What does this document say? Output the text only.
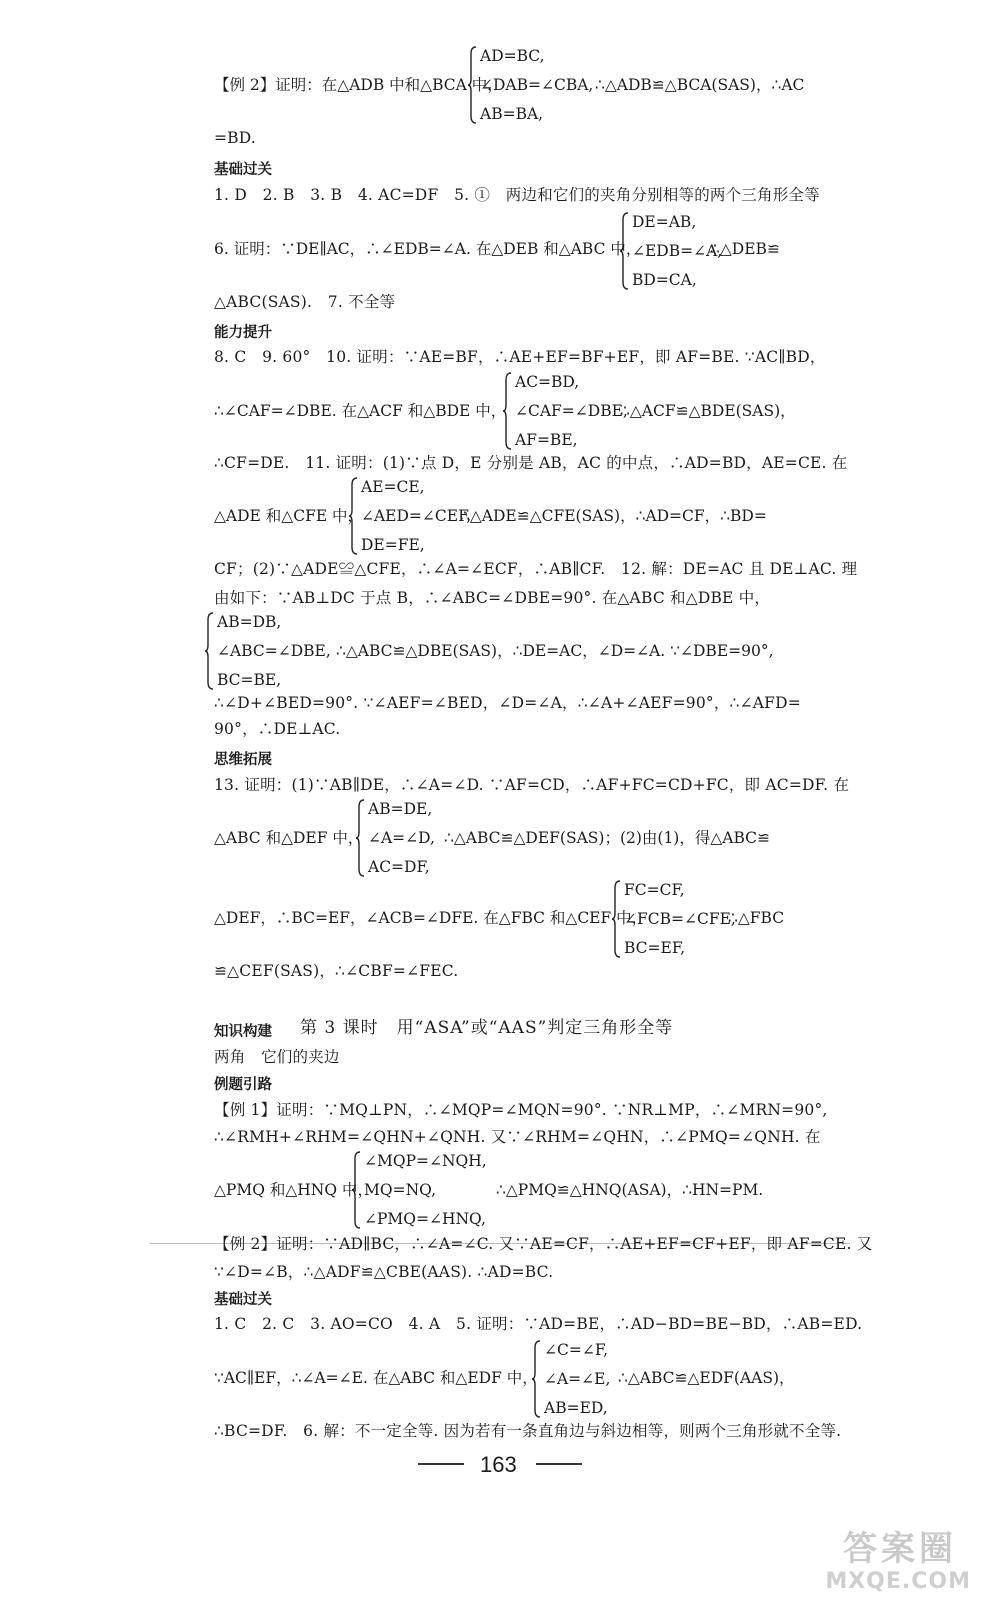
【例 2】证明：在△ADB 中和△BCA 中，
AD=BC,
∠DAB=∠CBA,
AB=BA,
∴△ADB≌△BCA(SAS)，∴AC
=BD.
基础过关
1. D　2. B　3. B　4. AC=DF　5. ①　两边和它们的夹角分别相等的两个三角形全等
6. 证明：∵DE∥AC，∴∠EDB=∠A. 在△DEB 和△ABC 中，
DE=AB,
∠EDB=∠A,
BD=CA,
∴△DEB≌
△ABC(SAS).　7. 不全等
能力提升
8. C　9. 60°　10. 证明：∵AE=BF，∴AE+EF=BF+EF，即 AF=BE. ∵AC∥BD，
∴∠CAF=∠DBE. 在△ACF 和△BDE 中，
AC=BD,
∠CAF=∠DBE,
AF=BE,
∴△ACF≌△BDE(SAS)，
∴CF=DE.　11. 证明：(1)∵点 D，E 分别是 AB，AC 的中点，∴AD=BD，AE=CE. 在
△ADE 和△CFE 中，
AE=CE,
∠AED=∠CEF,
DE=FE,
∴△ADE≌△CFE(SAS)，∴AD=CF，∴BD=
CF；(2)∵△ADE≌△CFE，∴∠A=∠ECF，∴AB∥CF.　12. 解：DE=AC 且 DE⊥AC. 理
由如下：∵AB⊥DC 于点 B，∴∠ABC=∠DBE=90°. 在△ABC 和△DBE 中，
AB=DB,
∠ABC=∠DBE,
BC=BE,
∴△ABC≌△DBE(SAS)，∴DE=AC，∠D=∠A. ∵∠DBE=90°,
∴∠D+∠BED=90°. ∵∠AEF=∠BED，∠D=∠A，∴∠A+∠AEF=90°，∴∠AFD=
90°，∴DE⊥AC.
思维拓展
13. 证明：(1)∵AB∥DE，∴∠A=∠D. ∵AF=CD，∴AF+FC=CD+FC，即 AC=DF. 在
△ABC 和△DEF 中，
AB=DE,
∠A=∠D,
AC=DF,
∴△ABC≌△DEF(SAS)；(2)由(1)，得△ABC≌
△DEF，∴BC=EF，∠ACB=∠DFE. 在△FBC 和△CEF 中，
FC=CF,
∠FCB=∠CFE,
BC=EF,
∴△FBC
≌△CEF(SAS)，∴∠CBF=∠FEC.
第 3 课时　用“ASA”或“AAS”判定三角形全等
知识构建
两角　它们的夹边
例题引路
【例 1】证明：∵MQ⊥PN，∴∠MQP=∠MQN=90°. ∵NR⊥MP，∴∠MRN=90°,
∴∠RMH+∠RHM=∠QHN+∠QNH. 又∵∠RHM=∠QHN，∴∠PMQ=∠QNH. 在
△PMQ 和△HNQ 中，
∠MQP=∠NQH,
MQ=NQ,
∠PMQ=∠HNQ,
∴△PMQ≌△HNQ(ASA)，∴HN=PM.
【例 2】证明：∵AD∥BC，∴∠A=∠C. 又∵AE=CF，∴AE+EF=CF+EF，即 AF=CE. 又
∵∠D=∠B，∴△ADF≌△CBE(AAS). ∴AD=BC.
基础过关
1. C　2. C　3. AO=CO　4. A　5. 证明：∵AD=BE，∴AD−BD=BE−BD，∴AB=ED.
∵AC∥EF，∴∠A=∠E. 在△ABC 和△EDF 中，
∠C=∠F,
∠A=∠E,
AB=ED,
∴△ABC≌△EDF(AAS)，
∴BC=DF.　6. 解：不一定全等. 因为若有一条直角边与斜边相等，则两个三角形就不全等.
163
答案圈
MXQE.COM
